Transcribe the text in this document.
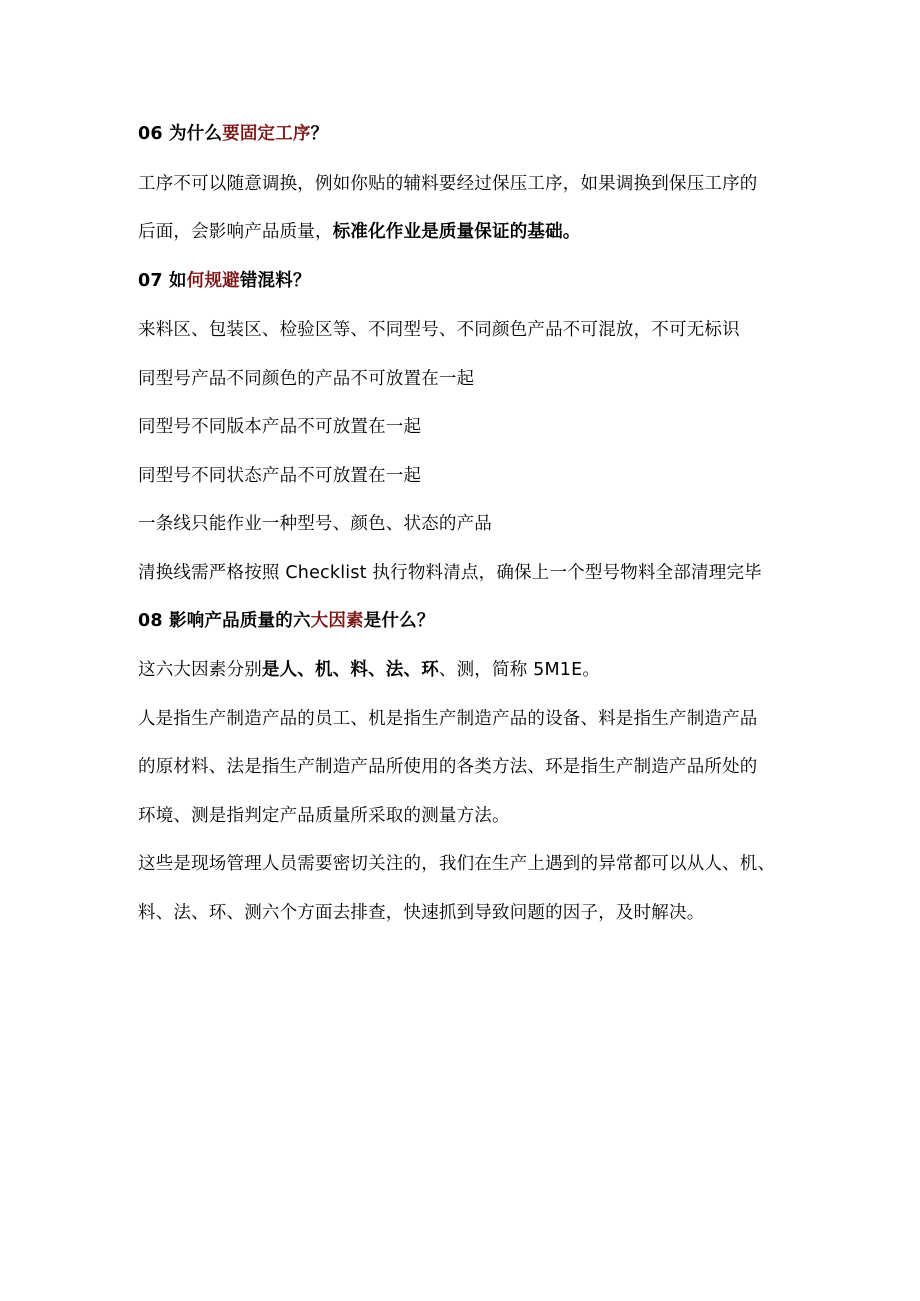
06 为什么要固定工序？
工序不可以随意调换，例如你贴的辅料要经过保压工序，如果调换到保压工序的
后面，会影响产品质量，标准化作业是质量保证的基础。
07 如何规避错混料？
来料区、包装区、检验区等、不同型号、不同颜色产品不可混放，不可无标识
同型号产品不同颜色的产品不可放置在一起
同型号不同版本产品不可放置在一起
同型号不同状态产品不可放置在一起
一条线只能作业一种型号、颜色、状态的产品
清换线需严格按照 Checklist 执行物料清点，确保上一个型号物料全部清理完毕
08 影响产品质量的六大因素是什么？
这六大因素分别是人、机、料、法、环、测，简称 5M1E。
人是指生产制造产品的员工、机是指生产制造产品的设备、料是指生产制造产品
的原材料、法是指生产制造产品所使用的各类方法、环是指生产制造产品所处的
环境、测是指判定产品质量所采取的测量方法。
这些是现场管理人员需要密切关注的，我们在生产上遇到的异常都可以从人、机、
料、法、环、测六个方面去排查，快速抓到导致问题的因子，及时解决。
